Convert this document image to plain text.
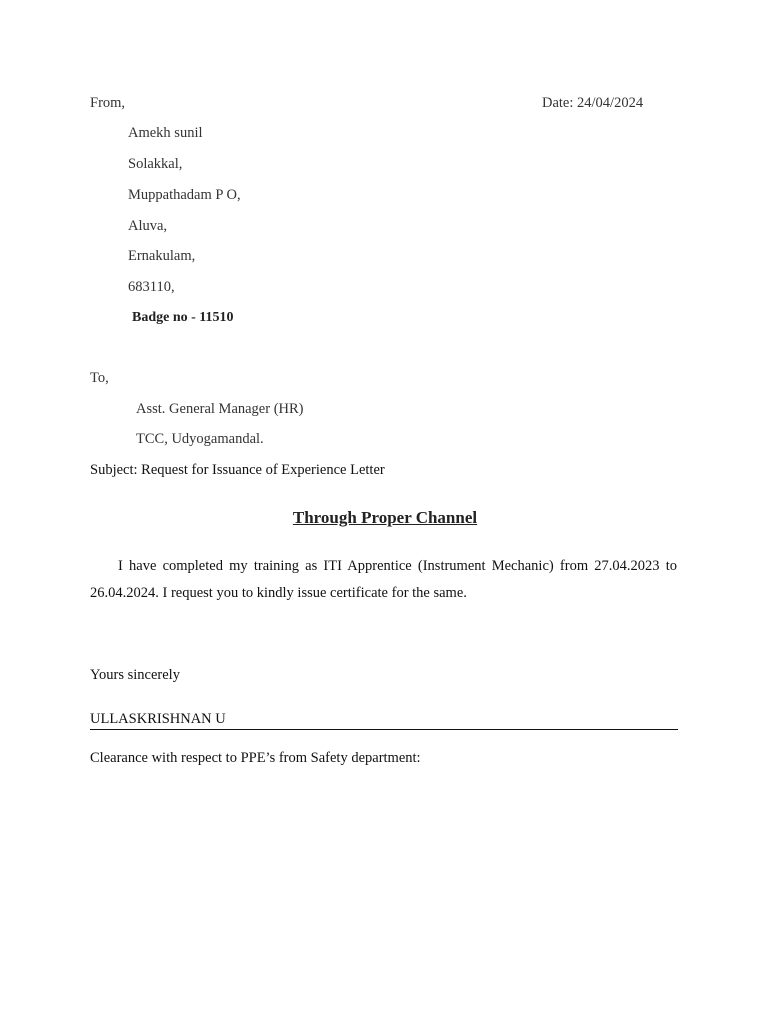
From,	Date: 24/04/2024
Amekh sunil
Solakkal,
Muppathadam P O,
Aluva,
Ernakulam,
683110,
Badge no - 11510
To,
Asst. General Manager (HR)
TCC, Udyogamandal.
Subject: Request for Issuance of Experience Letter
Through Proper Channel
I have completed my training as ITI Apprentice (Instrument Mechanic) from 27.04.2023 to 26.04.2024. I request you to kindly issue certificate for the same.
Yours sincerely
ULLASKRISHNAN U
Clearance with respect to PPE’s from Safety department:
